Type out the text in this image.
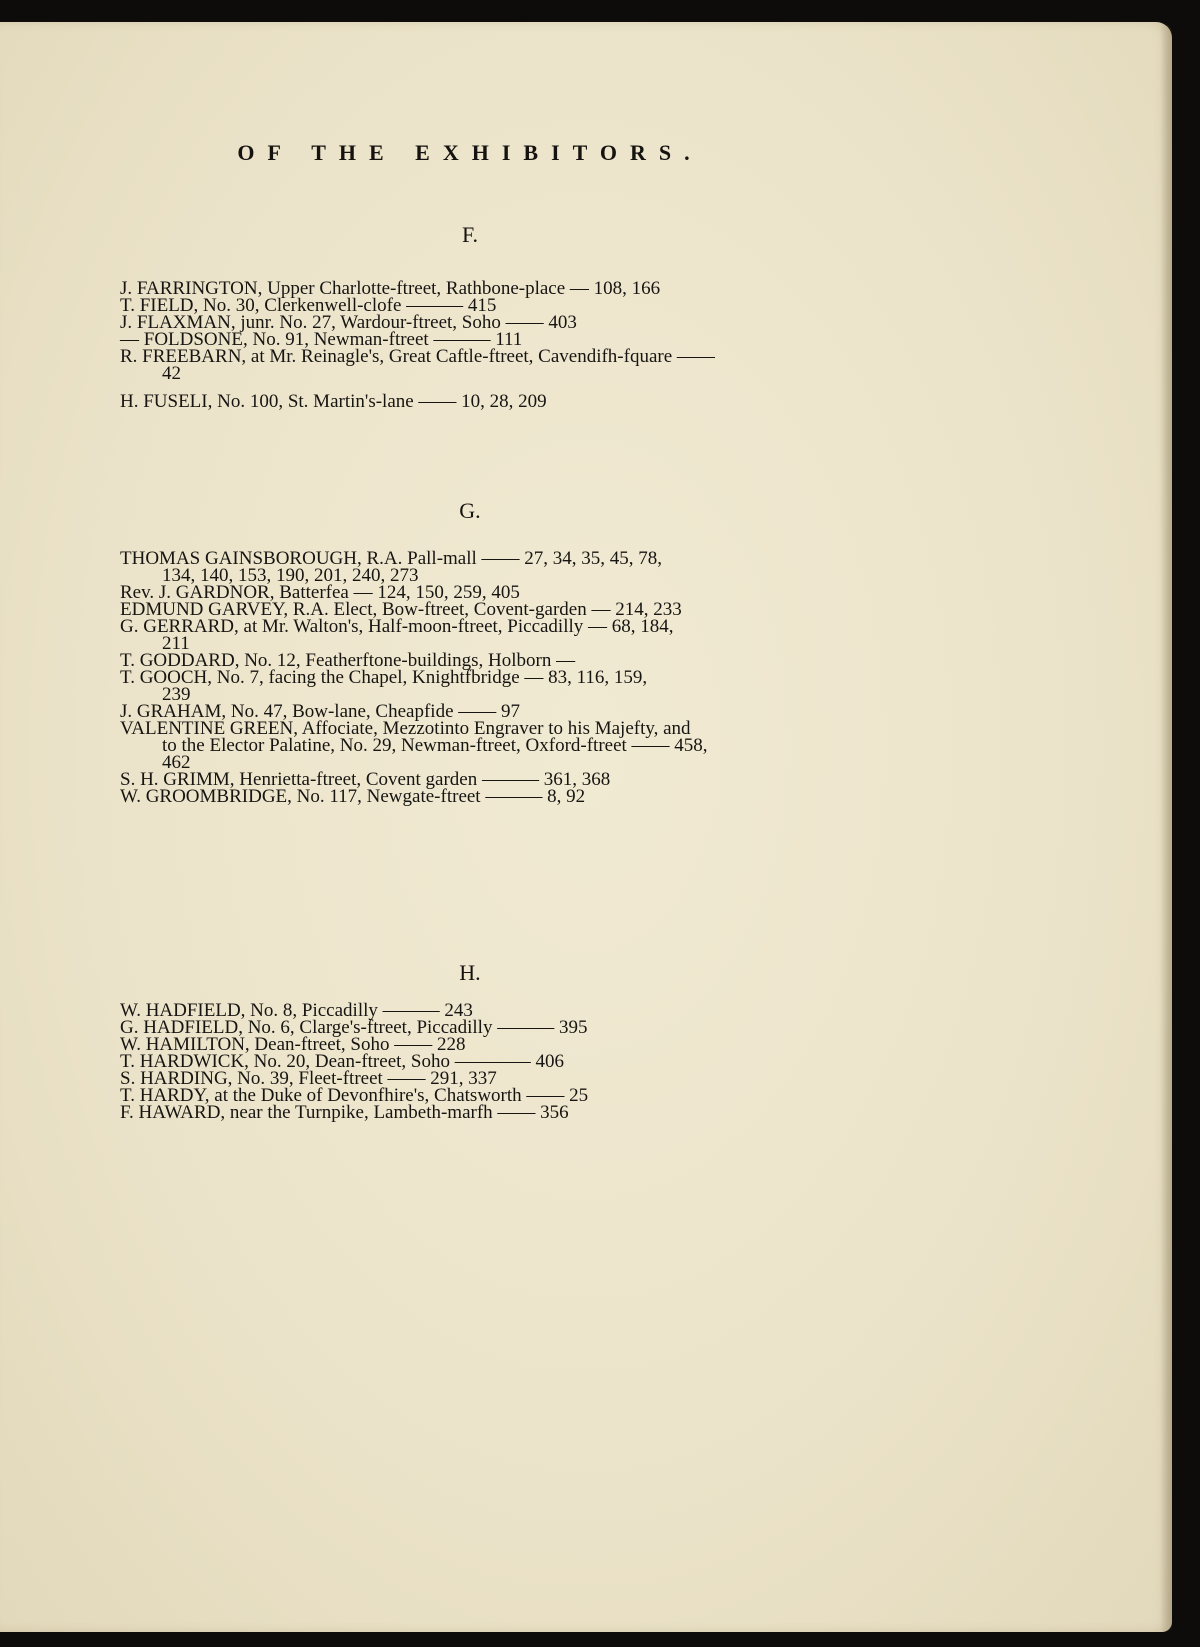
OF THE EXHIBITORS.
F.
J. FARRINGTON, Upper Charlotte-ftreet, Rathbone-place — 108, 166
T. FIELD, No. 30, Clerkenwell-clofe ——— 415
J. FLAXMAN, junr. No. 27, Wardour-ftreet, Soho —— 403
— FOLDSONE, No. 91, Newman-ftreet ——— 111
R. FREEBARN, at Mr. Reinagle's, Great Caftle-ftreet, Cavendifh-fquare ——
42
H. FUSELI, No. 100, St. Martin's-lane —— 10, 28, 209
G.
THOMAS GAINSBOROUGH, R.A. Pall-mall —— 27, 34, 35, 45, 78,
134, 140, 153, 190, 201, 240, 273
Rev. J. GARDNOR, Batterfea — 124, 150, 259, 405
EDMUND GARVEY, R.A. Elect, Bow-ftreet, Covent-garden — 214, 233
G. GERRARD, at Mr. Walton's, Half-moon-ftreet, Piccadilly — 68, 184,
211
T. GODDARD, No. 12, Featherftone-buildings, Holborn —
T. GOOCH, No. 7, facing the Chapel, Knightfbridge — 83, 116, 159,
239
J. GRAHAM, No. 47, Bow-lane, Cheapfide —— 97
VALENTINE GREEN, Affociate, Mezzotinto Engraver to his Majefty, and
to the Elector Palatine, No. 29, Newman-ftreet, Oxford-ftreet —— 458,
462
S. H. GRIMM, Henrietta-ftreet, Covent garden ——— 361, 368
W. GROOMBRIDGE, No. 117, Newgate-ftreet ——— 8, 92
H.
W. HADFIELD, No. 8, Piccadilly ——— 243
G. HADFIELD, No. 6, Clarge's-ftreet, Piccadilly ——— 395
W. HAMILTON, Dean-ftreet, Soho —— 228
T. HARDWICK, No. 20, Dean-ftreet, Soho ———— 406
S. HARDING, No. 39, Fleet-ftreet —— 291, 337
T. HARDY, at the Duke of Devonfhire's, Chatsworth —— 25
F. HAWARD, near the Turnpike, Lambeth-marfh —— 356
